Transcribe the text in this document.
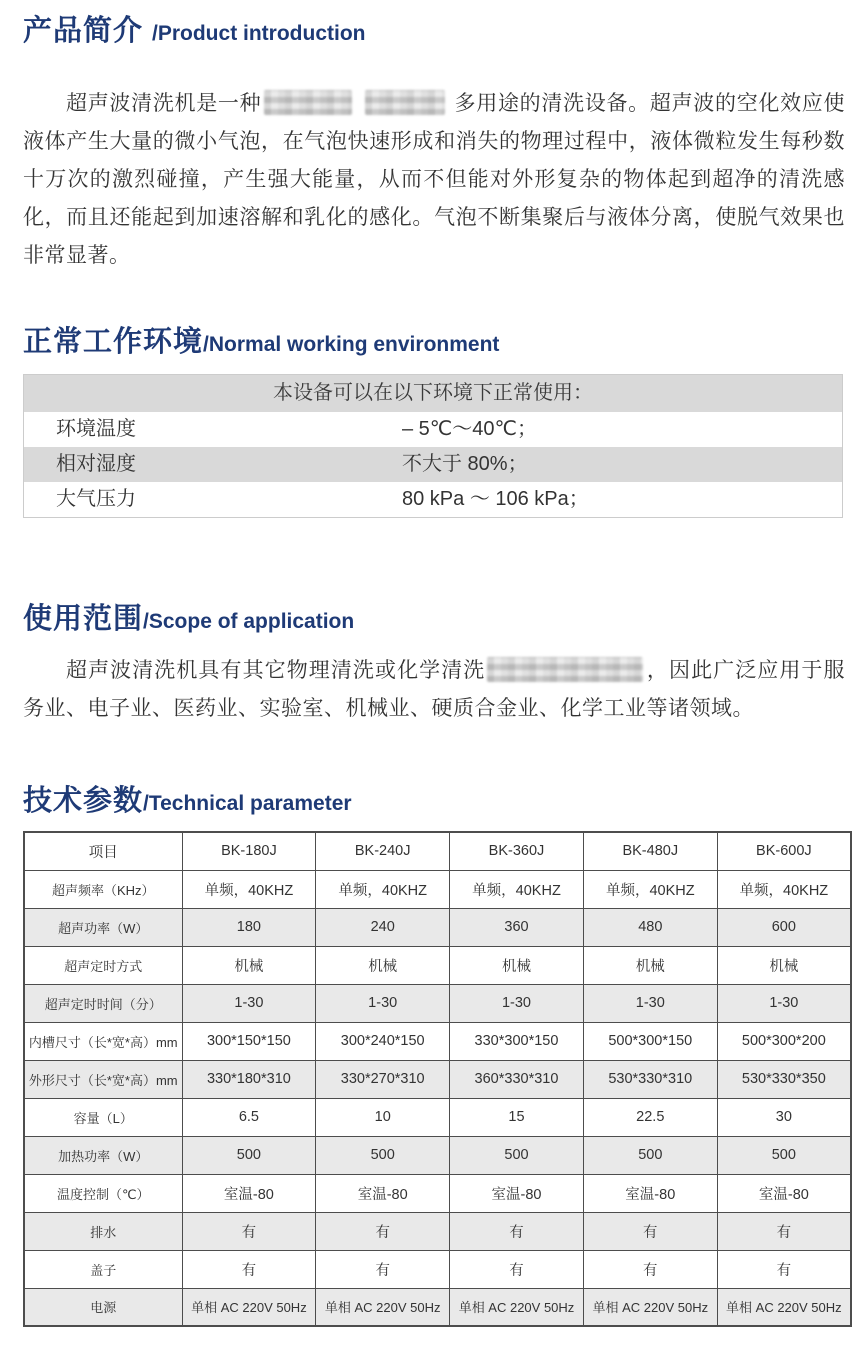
产品简介 /Product introduction

超声波清洗机是一种	多用途的清洗设备。超声波的空化效应使液体产生大量的微小气泡，在气泡快速形成和消失的物理过程中，液体微粒发生每秒数十万次的激烈碰撞，产生强大能量，从而不但能对外形复杂的物体起到超净的清洗感化，而且还能起到加速溶解和乳化的感化。气泡不断集聚后与液体分离，使脱气效果也非常显著。

正常工作环境/Normal working environment
本设备可以在以下环境下正常使用：
环境温度	– 5℃～40℃；
相对湿度	不大于 80%；
大气压力	80 kPa ～ 106 kPa；
使用范围/Scope of application

超声波清洗机具有其它物理清洗或化学清洗	，因此广泛应用于服务业、电子业、医药业、实验室、机械业、硬质合金业、化学工业等诸领域。

技术参数/Technical parameter
项目	BK-180J	BK-240J	BK-360J	BK-480J	BK-600J
超声频率（KHz）	单频，40KHZ	单频，40KHZ	单频，40KHZ	单频，40KHZ	单频，40KHZ
超声功率（W）	180	240	360	480	600
超声定时方式	机械	机械	机械	机械	机械
超声定时时间（分）	1-30	1-30	1-30	1-30	1-30
内槽尺寸（长*宽*高）mm	300*150*150	300*240*150	330*300*150	500*300*150	500*300*200
外形尺寸（长*宽*高）mm	330*180*310	330*270*310	360*330*310	530*330*310	530*330*350
容量（L）	6.5	10	15	22.5	30
加热功率（W）	500	500	500	500	500
温度控制（℃）	室温-80	室温-80	室温-80	室温-80	室温-80
排水	有	有	有	有	有
盖子	有	有	有	有	有
电源	单相 AC 220V 50Hz	单相 AC 220V 50Hz	单相 AC 220V 50Hz	单相 AC 220V 50Hz	单相 AC 220V 50Hz
